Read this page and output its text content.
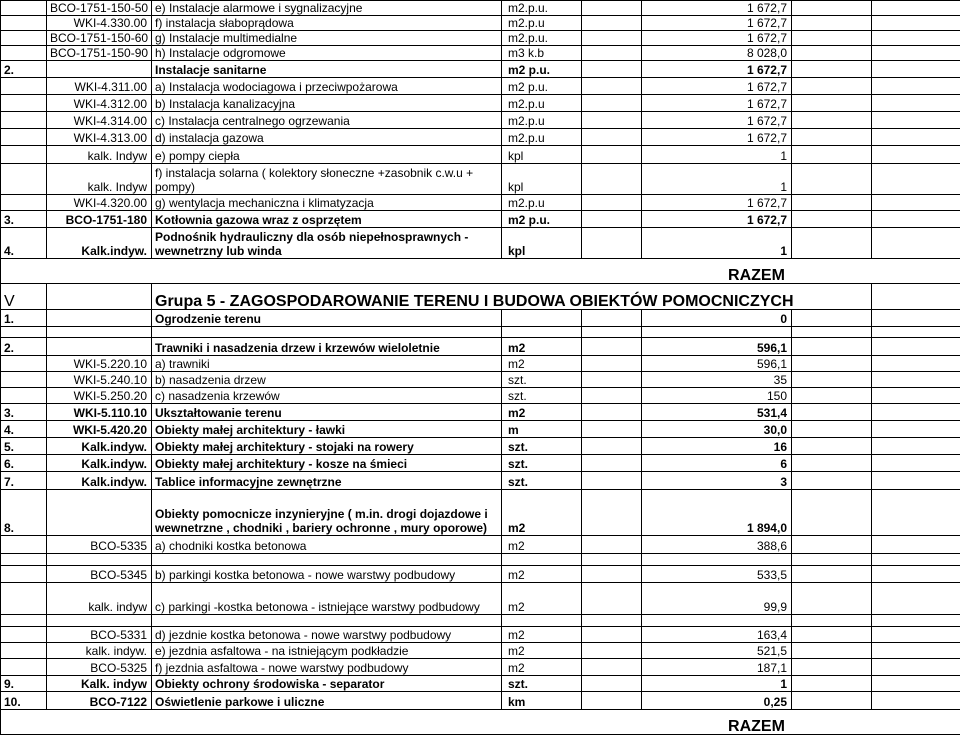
	BCO-1751-150-50	e) Instalacje alarmowe i sygnalizacyjne	m2.p.u.		1 672,7		
	WKI-4.330.00	f) instalacja słaboprądowa	m2.p.u		1 672,7		
	BCO-1751-150-60	g) Instalacje multimedialne	m2.p.u.		1 672,7		
	BCO-1751-150-90	h) Instalacje odgromowe	m3 k.b		8 028,0		
2.		Instalacje sanitarne	m2 p.u.		1 672,7		
	WKI-4.311.00	a) Instalacja wodociagowa i przeciwpożarowa	m2 p.u.		1 672,7		
	WKI-4.312.00	b) Instalacja kanalizacyjna	m2.p.u		1 672,7		
	WKI-4.314.00	c) Instalacja centralnego ogrzewania	m2.p.u		1 672,7		
	WKI-4.313.00	d) instalacja gazowa	m2.p.u		1 672,7		
	kalk. Indyw	e) pompy ciepła	kpl		1		
	kalk. Indyw	f) instalacja solarna ( kolektory słoneczne +zasobnik c.w.u + pompy)	kpl		1		
	WKI-4.320.00	g) wentylacja mechaniczna i klimatyzacja	m2.p.u		1 672,7		
3.	BCO-1751-180	Kotłownia gazowa wraz z osprzętem	m2 p.u.		1 672,7		
4.	Kalk.indyw.	Podnośnik hydrauliczny dla osób niepełnosprawnych - wewnetrzny lub winda	kpl		1		
					RAZEM		
V		Grupa 5 - ZAGOSPODAROWANIE TERENU I BUDOWA OBIEKTÓW POMOCNICZYCH					
1.		Ogrodzenie terenu			0		

2.		Trawniki i nasadzenia drzew i krzewów wieloletnie	m2		596,1		
	WKI-5.220.10	a) trawniki	m2		596,1		
	WKI-5.240.10	b) nasadzenia drzew	szt.		35		
	WKI-5.250.20	c) nasadzenia krzewów	szt.		150		
3.	WKI-5.110.10	Ukształtowanie terenu	m2		531,4		
4.	WKI-5.420.20	Obiekty małej architektury - ławki	m		30,0		
5.	Kalk.indyw.	Obiekty małej architektury - stojaki na rowery	szt.		16		
6.	Kalk.indyw.	Obiekty małej architektury - kosze na śmieci	szt.		6		
7.	Kalk.indyw.	Tablice informacyjne zewnętrzne	szt.		3		
8.		Obiekty pomocnicze inzynieryjne ( m.in. drogi dojazdowe i wewnetrzne , chodniki , bariery ochronne , mury oporowe)	m2		1 894,0		
	BCO-5335	a) chodniki kostka betonowa	m2		388,6		

	BCO-5345	b) parkingi kostka betonowa - nowe warstwy podbudowy	m2		533,5		
	kalk. indyw	c) parkingi -kostka betonowa - istniejące warstwy podbudowy	m2		99,9		

	BCO-5331	d) jezdnie kostka betonowa - nowe warstwy podbudowy	m2		163,4		
	kalk. indyw.	e) jezdnia asfaltowa - na istniejącym podkładzie	m2		521,5		
	BCO-5325	f) jezdnia asfaltowa - nowe warstwy podbudowy	m2		187,1		
9.	Kalk. indyw	Obiekty ochrony środowiska - separator	szt.		1		
10.	BCO-7122	Oświetlenie parkowe i uliczne	km		0,25		
					RAZEM		
